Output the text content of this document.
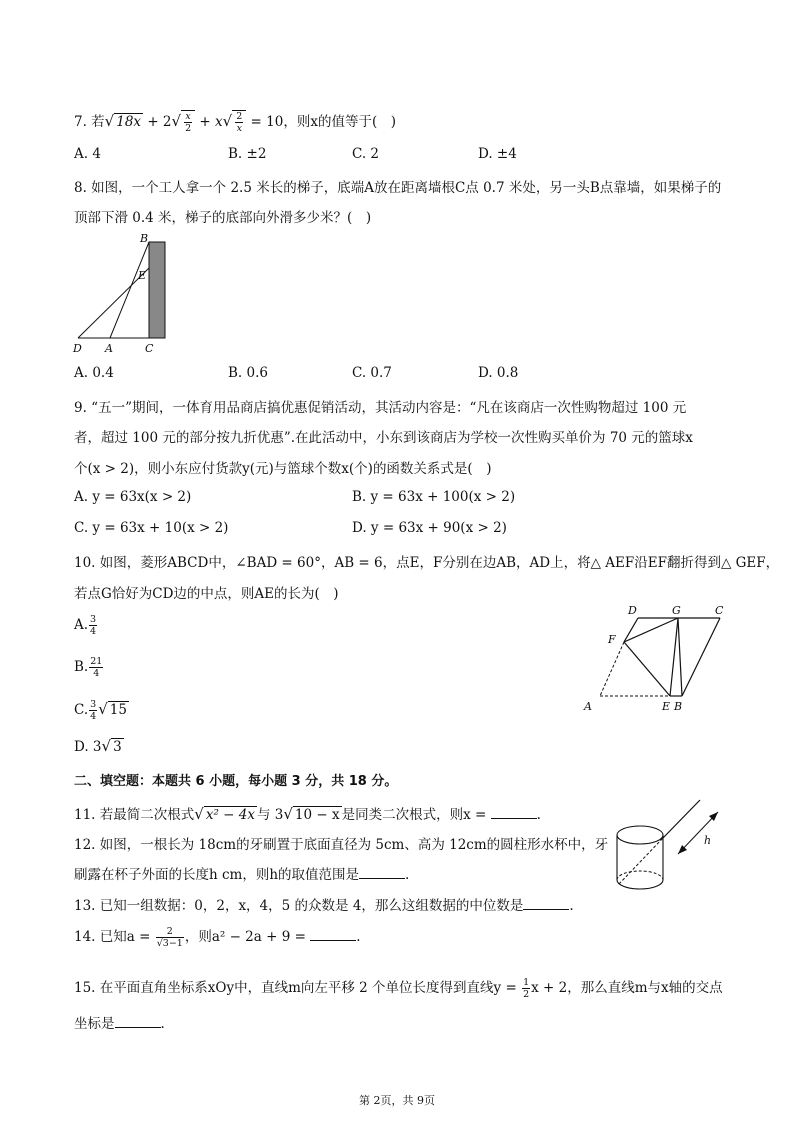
7. 若√ $18x + 2√ \frac{x}{2} + x√ \frac{2}{x} = 10$，则x的值等于(　)
A. 4	B. ±2	C. 2	D. ±4
8. 如图，一个工人拿一个 2.5 米长的梯子，底端A放在距离墙根C点 0.7 米处，另一头B点靠墙，如果梯子的
顶部下滑 0.4 米，梯子的底部向外滑多少米？(　)
B
E
D A	C
A. 0.4	B. 0.6	C. 0.7	D. 0.8
9. “五一”期间，一体育用品商店搞优惠促销活动，其活动内容是：“凡在该商店一次性购物超过 100 元
者，超过 100 元的部分按九折优惠”.在此活动中，小东到该商店为学校一次性购买单价为 70 元的篮球x
个(x > 2)，则小东应付货款y(元)与篮球个数x(个)的函数关系式是(　)
A. y = 63x(x > 2)	B. y = 63x + 100(x > 2)
C. y = 63x + 10(x > 2)	D. y = 63x + 90(x > 2)
10. 如图，菱形ABCD中，∠BAD = 60°，AB = 6，点E，F分别在边AB，AD上，将△ AEF沿EF翻折得到△ GEF，
若点G恰好为CD边的中点，则AE的长为(　)
A. $\frac{3}{4}$
B. $\frac{21}{4}$
C. $\frac{3}{4}$ √ 15
D. 3√ 3
D	G	C
F
A	E B
二、填空题：本题共 6 小题，每小题 3 分，共 18 分。
11. 若最简二次根式√ x² − 4x 与 3√ 10 − x 是同类二次根式，则x =	.
12. 如图，一根长为 18cm的牙刷置于底面直径为 5cm、高为 12cm的圆柱形水杯中，牙
刷露在杯子外面的长度h cm，则h的取值范围是	.
h
13. 已知一组数据：0，2，x，4，5 的众数是 4，那么这组数据的中位数是	.
14. 已知$a = \frac{2}{√3-1}$ ，则a² − 2a + 9 =	.
15. 在平面直角坐标系xOy中，直线m向左平移 2 个单位长度得到直线$y = \frac{1}{2}$ x + 2，那么直线m与x轴的交点
坐标是	.
第 2页，共 9页
